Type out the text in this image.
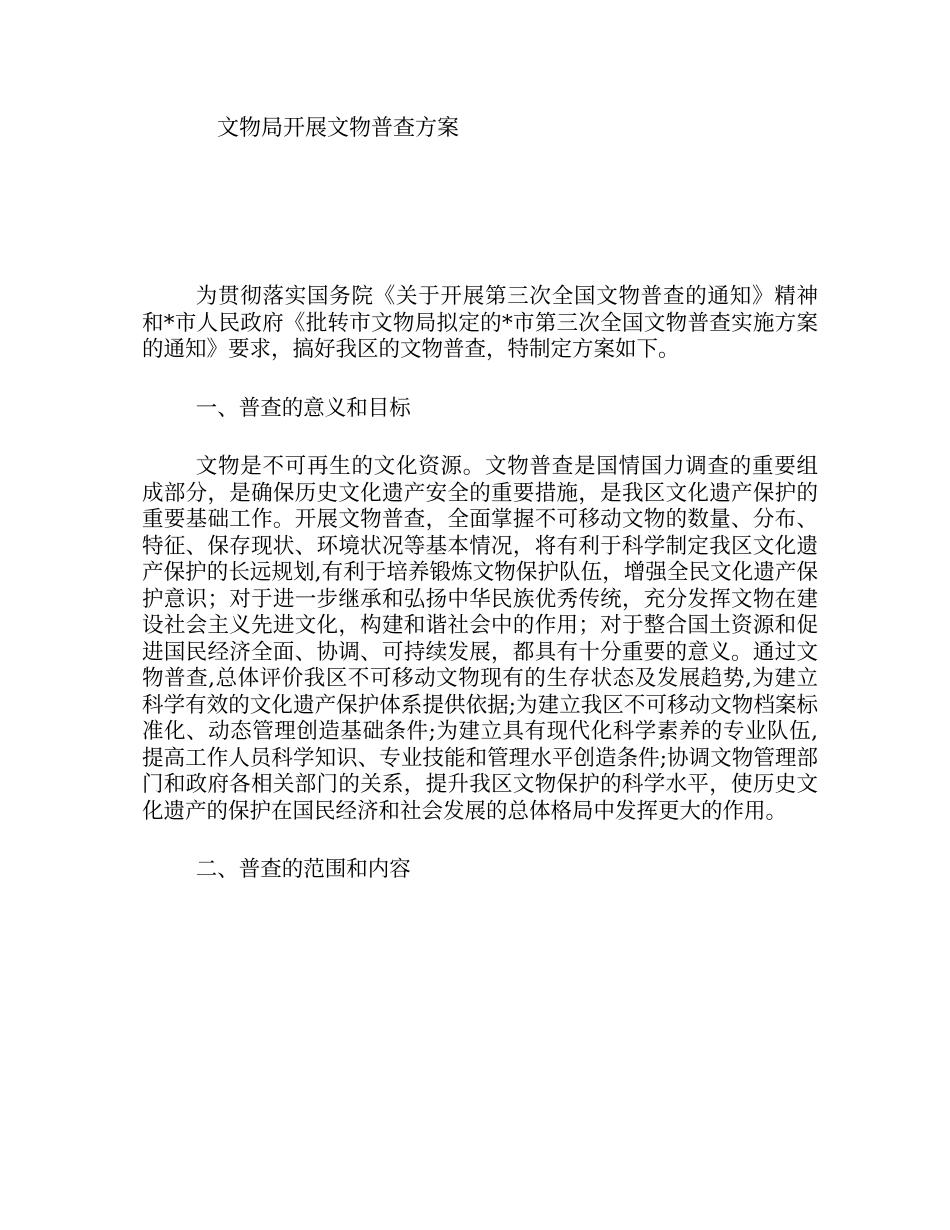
文物局开展文物普查方案

为贯彻落实国务院《关于开展第三次全国文物普查的通知》精神和*市人民政府《批转市文物局拟定的*市第三次全国文物普查实施方案的通知》要求，搞好我区的文物普查，特制定方案如下。

一、普查的意义和目标

文物是不可再生的文化资源。文物普查是国情国力调查的重要组成部分，是确保历史文化遗产安全的重要措施，是我区文化遗产保护的重要基础工作。开展文物普查，全面掌握不可移动文物的数量、分布、特征、保存现状、环境状况等基本情况，将有利于科学制定我区文化遗产保护的长远规划,有利于培养锻炼文物保护队伍，增强全民文化遗产保护意识；对于进一步继承和弘扬中华民族优秀传统，充分发挥文物在建设社会主义先进文化，构建和谐社会中的作用；对于整合国土资源和促进国民经济全面、协调、可持续发展，都具有十分重要的意义。通过文物普查,总体评价我区不可移动文物现有的生存状态及发展趋势,为建立科学有效的文化遗产保护体系提供依据;为建立我区不可移动文物档案标准化、动态管理创造基础条件;为建立具有现代化科学素养的专业队伍,提高工作人员科学知识、专业技能和管理水平创造条件;协调文物管理部门和政府各相关部门的关系，提升我区文物保护的科学水平，使历史文化遗产的保护在国民经济和社会发展的总体格局中发挥更大的作用。

二、普查的范围和内容
